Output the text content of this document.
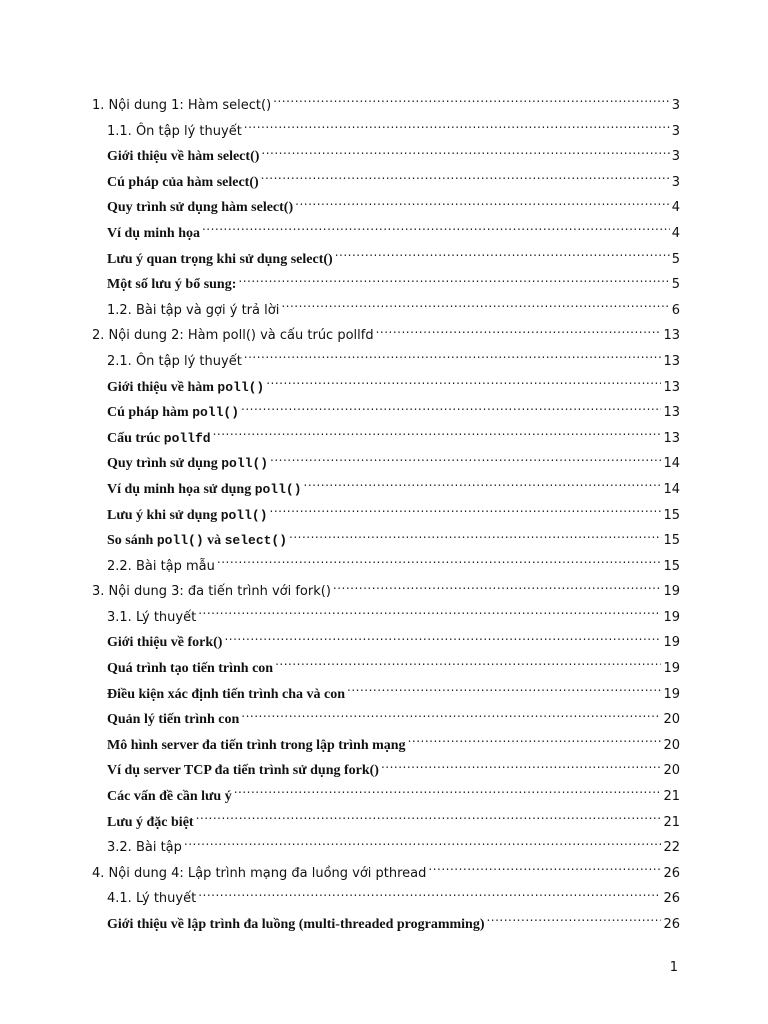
1. Nội dung 1: Hàm select() .....	3
1.1. Ôn tập lý thuyết .....	3
Giới thiệu về hàm select() .....	3
Cú pháp của hàm select() .....	3
Quy trình sử dụng hàm select() .....	4
Ví dụ minh họa .....	4
Lưu ý quan trọng khi sử dụng select() .....	5
Một số lưu ý bổ sung: .....	5
1.2. Bài tập và gợi ý trả lời .....	6
2. Nội dung 2: Hàm poll() và cấu trúc pollfd .....	13
2.1. Ôn tập lý thuyết .....	13
Giới thiệu về hàm poll() .....	13
Cú pháp hàm poll() .....	13
Cấu trúc pollfd .....	13
Quy trình sử dụng poll() .....	14
Ví dụ minh họa sử dụng poll() .....	14
Lưu ý khi sử dụng poll() .....	15
So sánh poll() và select() .....	15
2.2. Bài tập mẫu .....	15
3. Nội dung 3: đa tiến trình với fork() .....	19
3.1. Lý thuyết .....	19
Giới thiệu về fork() .....	19
Quá trình tạo tiến trình con .....	19
Điều kiện xác định tiến trình cha và con .....	19
Quản lý tiến trình con .....	20
Mô hình server đa tiến trình trong lập trình mạng .....	20
Ví dụ server TCP đa tiến trình sử dụng fork() .....	20
Các vấn đề cần lưu ý .....	21
Lưu ý đặc biệt .....	21
3.2. Bài tập .....	22
4. Nội dung 4: Lập trình mạng đa luồng với pthread .....	26
4.1. Lý thuyết .....	26
Giới thiệu về lập trình đa luồng (multi-threaded programming) .....	26
1
